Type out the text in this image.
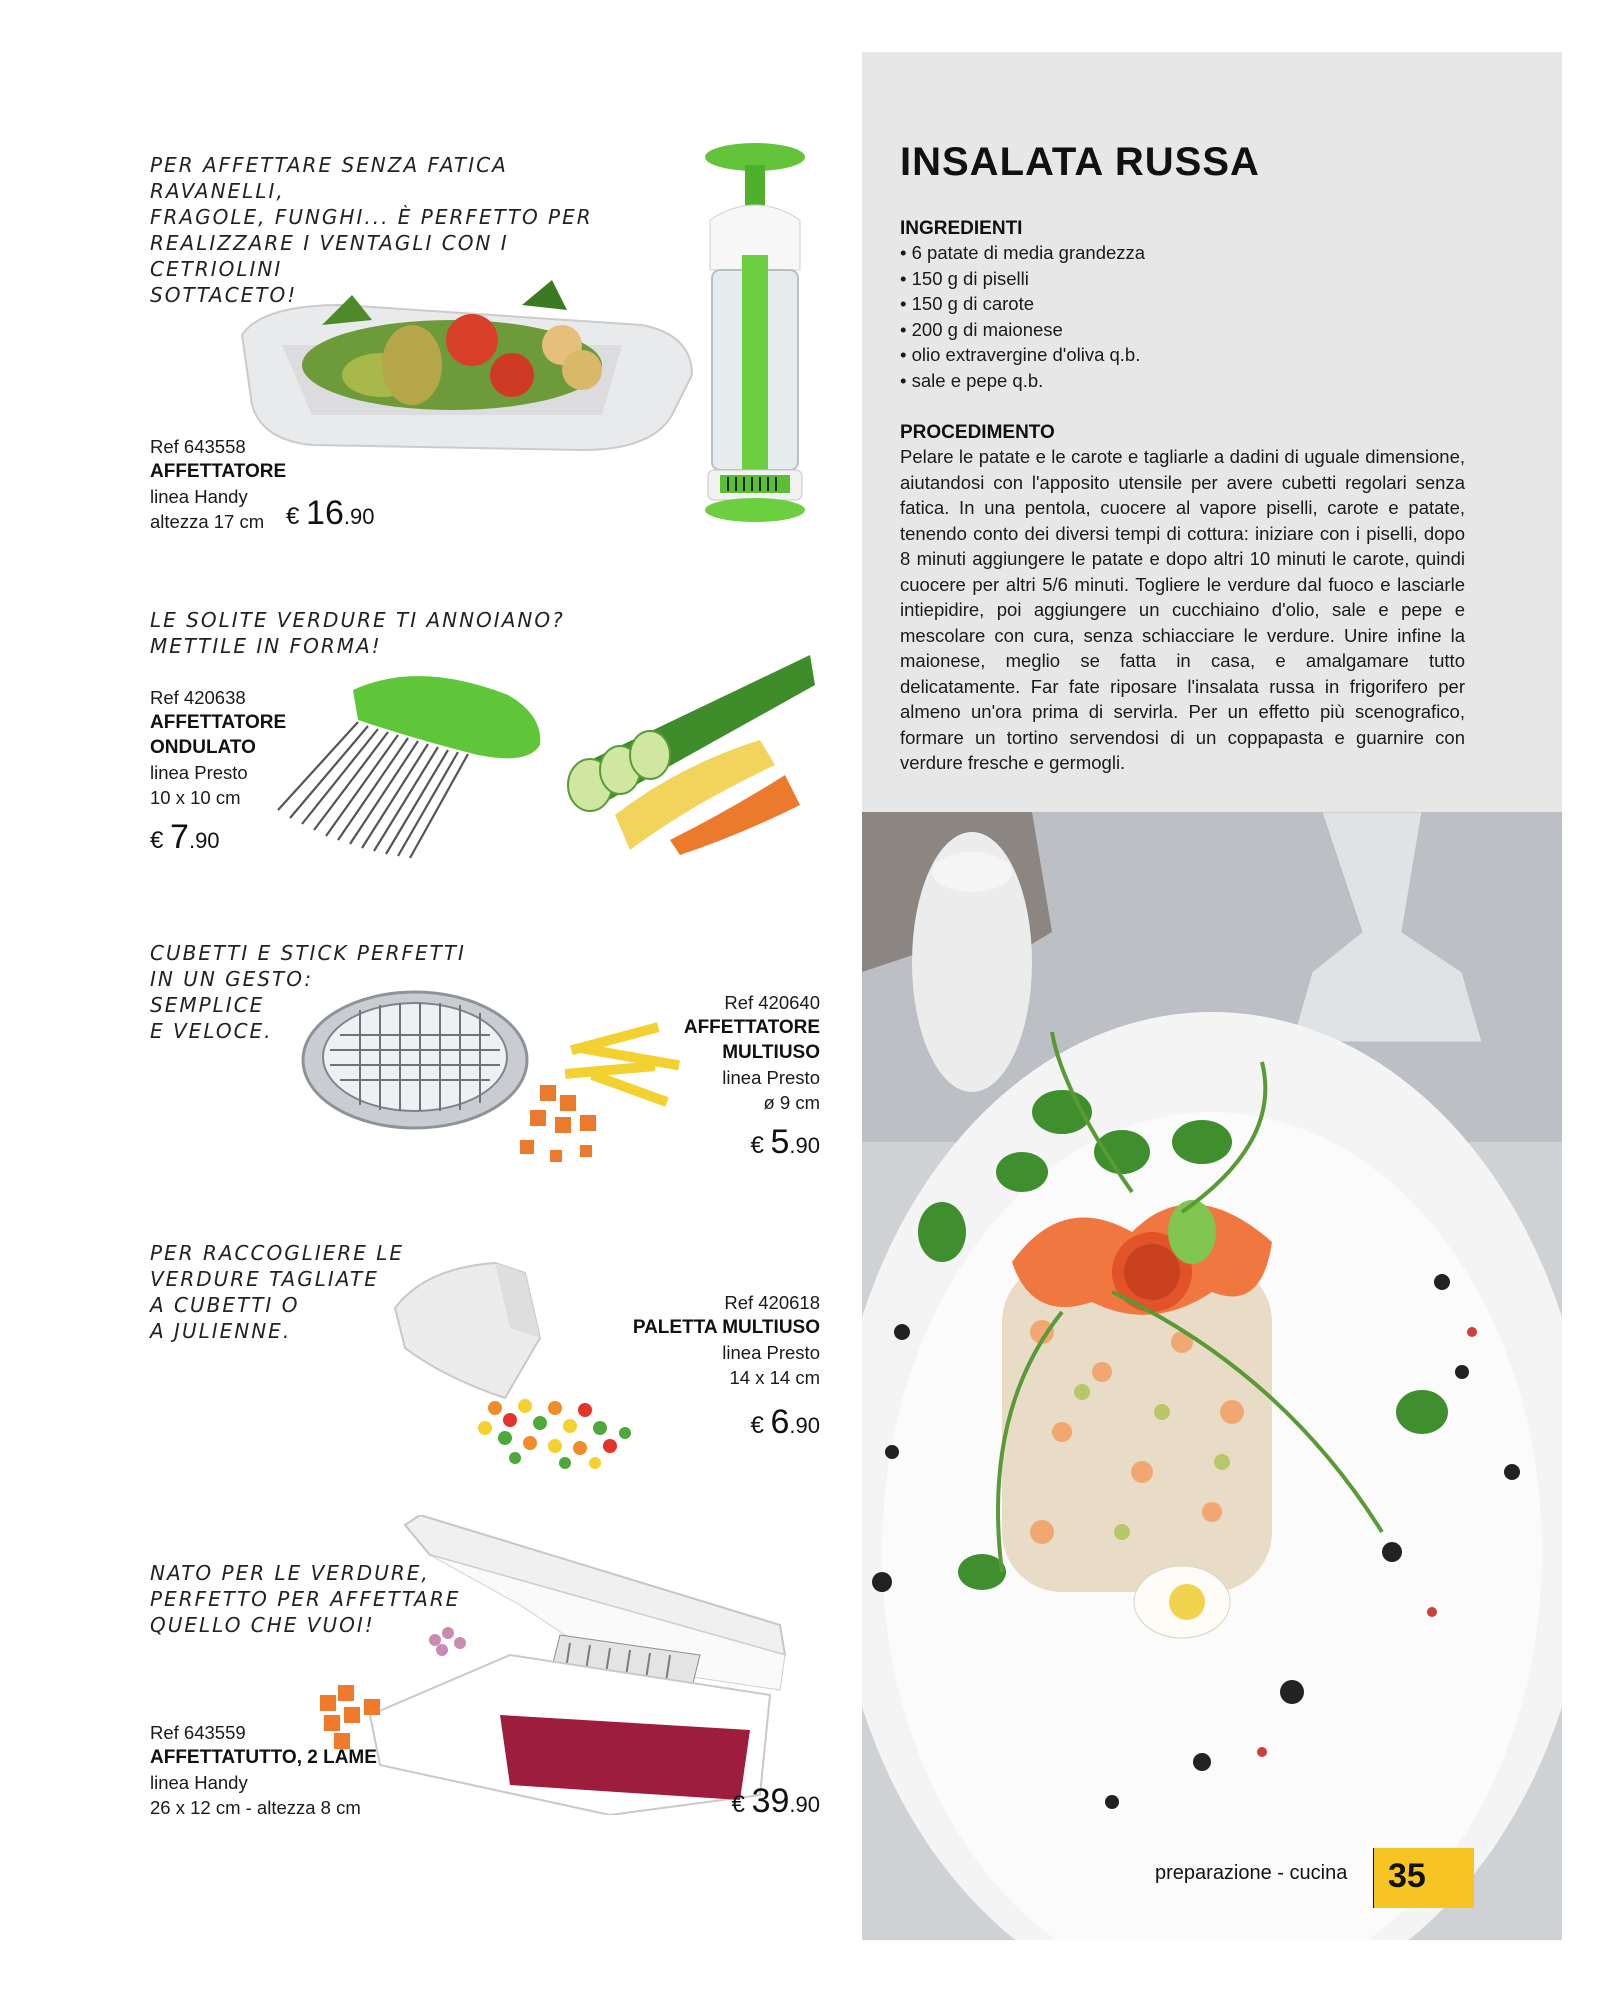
PER AFFETTARE SENZA FATICA RAVANELLI,
FRAGOLE, FUNGHI... È PERFETTO PER
REALIZZARE I VENTAGLI CON I CETRIOLINI
SOTTACETO!
Ref 643558
AFFETTATORE
linea Handy
altezza 17 cm € 16.90
LE SOLITE VERDURE TI ANNOIANO?
METTILE IN FORMA!
Ref 420638
AFFETTATORE
ONDULATO
linea Presto
10 x 10 cm
€ 7.90
CUBETTI E STICK PERFETTI
IN UN GESTO:
SEMPLICE
E VELOCE.
Ref 420640
AFFETTATORE
MULTIUSO
linea Presto
ø 9 cm
€ 5.90
PER RACCOGLIERE LE
VERDURE TAGLIATE
A CUBETTI O
A JULIENNE.
Ref 420618
PALETTA MULTIUSO
linea Presto
14 x 14 cm
€ 6.90
NATO PER LE VERDURE,
PERFETTO PER AFFETTARE
QUELLO CHE VUOI!
Ref 643559
AFFETTATUTTO, 2 LAME
linea Handy
26 x 12 cm - altezza 8 cm	€ 39.90
INSALATA RUSSA
INGREDIENTI
• 6 patate di media grandezza
• 150 g di piselli
• 150 g di carote
• 200 g di maionese
• olio extravergine d'oliva q.b.
• sale e pepe q.b.
PROCEDIMENTO

Pelare le patate e le carote e tagliarle a dadini di uguale dimensione, aiutandosi con l'apposito utensile per avere cubetti regolari senza fatica. In una pentola, cuocere al vapore piselli, carote e patate, tenendo conto dei diversi tempi di cottura: iniziare con i piselli, dopo 8 minuti aggiungere le patate e dopo altri 10 minuti le carote, quindi cuocere per altri 5/6 minuti. Togliere le verdure dal fuoco e lasciarle intiepidire, poi aggiungere un cucchiaino d'olio, sale e pepe e mescolare con cura, senza schiacciare le verdure. Unire infine la maionese, meglio se fatta in casa, e amalgamare tutto delicatamente. Far fate riposare l'insalata russa in frigorifero per almeno un'ora prima di servirla. Per un effetto più scenografico, formare un tortino servendosi di un coppapasta e guarnire con verdure fresche e germogli.

preparazione - cucina	35
